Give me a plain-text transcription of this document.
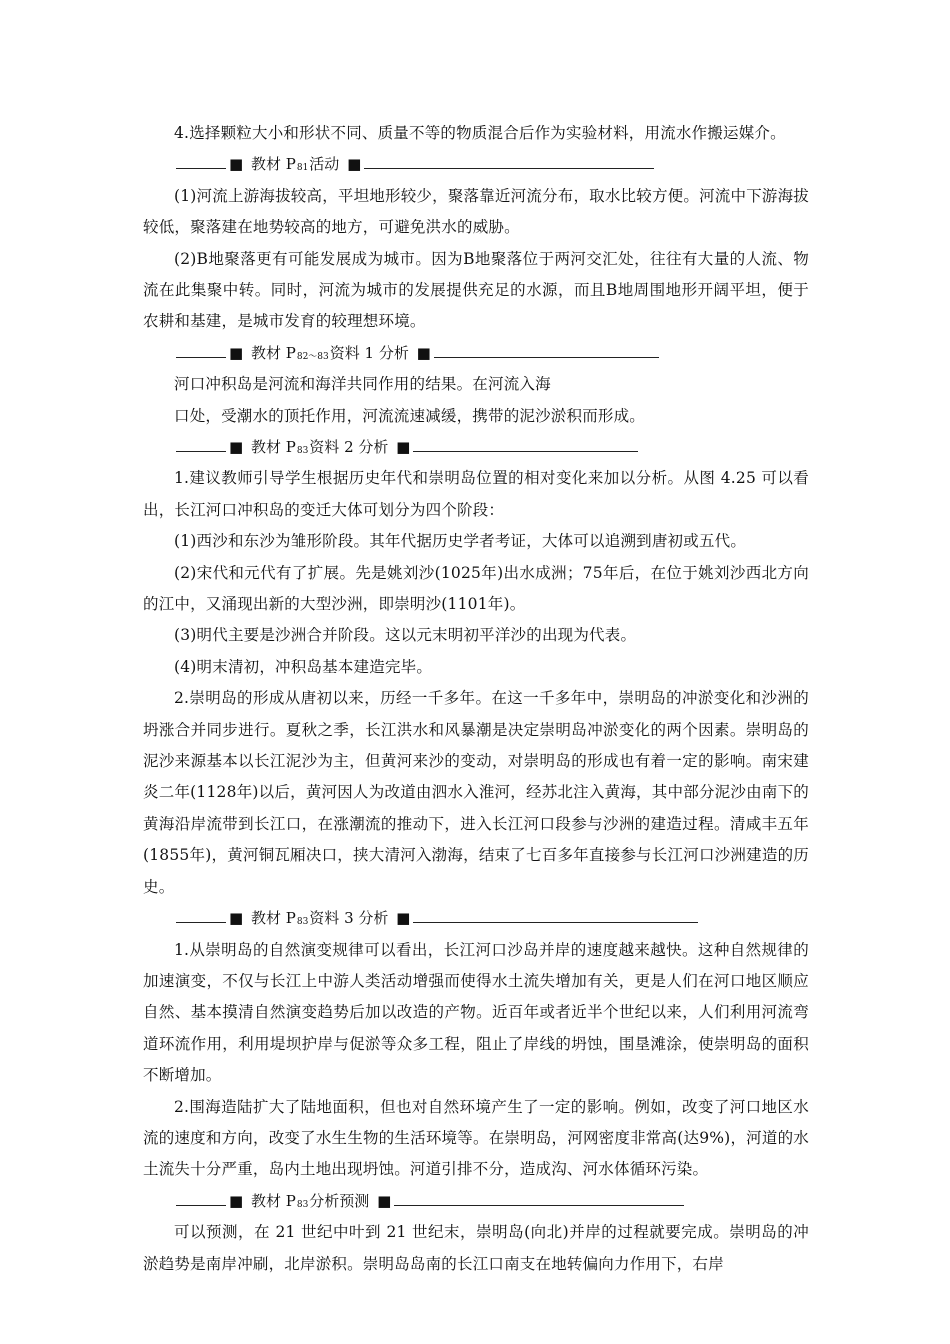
4.选择颗粒大小和形状不同、质量不等的物质混合后作为实验材料，用流水作搬运媒介。

■ 教材 $P_{81}$活动 ■

(1)河流上游海拔较高，平坦地形较少，聚落靠近河流分布，取水比较方便。河流中下游海拔较低，聚落建在地势较高的地方，可避免洪水的威胁。

(2)B地聚落更有可能发展成为城市。因为B地聚落位于两河交汇处，往往有大量的人流、物流在此集聚中转。同时，河流为城市的发展提供充足的水源，而且B地周围地形开阔平坦，便于农耕和基建，是城市发育的较理想环境。

■ 教材 $P_{82\sim 83}$资料 1 分析 ■

河口冲积岛是河流和海洋共同作用的结果。在河流入海

口处，受潮水的顶托作用，河流流速减缓，携带的泥沙淤积而形成。

■ 教材 $P_{83}$资料 2 分析 ■

1.建议教师引导学生根据历史年代和崇明岛位置的相对变化来加以分析。从图 4.25 可以看出，长江河口冲积岛的变迁大体可划分为四个阶段：

(1)西沙和东沙为雏形阶段。其年代据历史学者考证，大体可以追溯到唐初或五代。

(2)宋代和元代有了扩展。先是姚刘沙(1025年)出水成洲；75年后，在位于姚刘沙西北方向的江中，又涌现出新的大型沙洲，即崇明沙(1101年)。

(3)明代主要是沙洲合并阶段。这以元末明初平洋沙的出现为代表。

(4)明末清初，冲积岛基本建造完毕。

2.崇明岛的形成从唐初以来，历经一千多年。在这一千多年中，崇明岛的冲淤变化和沙洲的坍涨合并同步进行。夏秋之季，长江洪水和风暴潮是决定崇明岛冲淤变化的两个因素。崇明岛的泥沙来源基本以长江泥沙为主，但黄河来沙的变动，对崇明岛的形成也有着一定的影响。南宋建炎二年(1128年)以后，黄河因人为改道由泗水入淮河，经苏北注入黄海，其中部分泥沙由南下的黄海沿岸流带到长江口，在涨潮流的推动下，进入长江河口段参与沙洲的建造过程。清咸丰五年(1855年)，黄河铜瓦厢决口，挟大清河入渤海，结束了七百多年直接参与长江河口沙洲建造的历史。

■ 教材 $P_{83}$资料 3 分析 ■

1.从崇明岛的自然演变规律可以看出，长江河口沙岛并岸的速度越来越快。这种自然规律的加速演变，不仅与长江上中游人类活动增强而使得水土流失增加有关，更是人们在河口地区顺应自然、基本摸清自然演变趋势后加以改造的产物。近百年或者近半个世纪以来，人们利用河流弯道环流作用，利用堤坝护岸与促淤等众多工程，阻止了岸线的坍蚀，围垦滩涂，使崇明岛的面积不断增加。

2.围海造陆扩大了陆地面积，但也对自然环境产生了一定的影响。例如，改变了河口地区水流的速度和方向，改变了水生生物的生活环境等。在崇明岛，河网密度非常高(达9%)，河道的水土流失十分严重，岛内土地出现坍蚀。河道引排不分，造成沟、河水体循环污染。

■ 教材 $P_{83}$分析预测 ■

可以预测，在 21 世纪中叶到 21 世纪末，崇明岛(向北)并岸的过程就要完成。崇明岛的冲淤趋势是南岸冲刷，北岸淤积。崇明岛岛南的长江口南支在地转偏向力作用下，右岸
